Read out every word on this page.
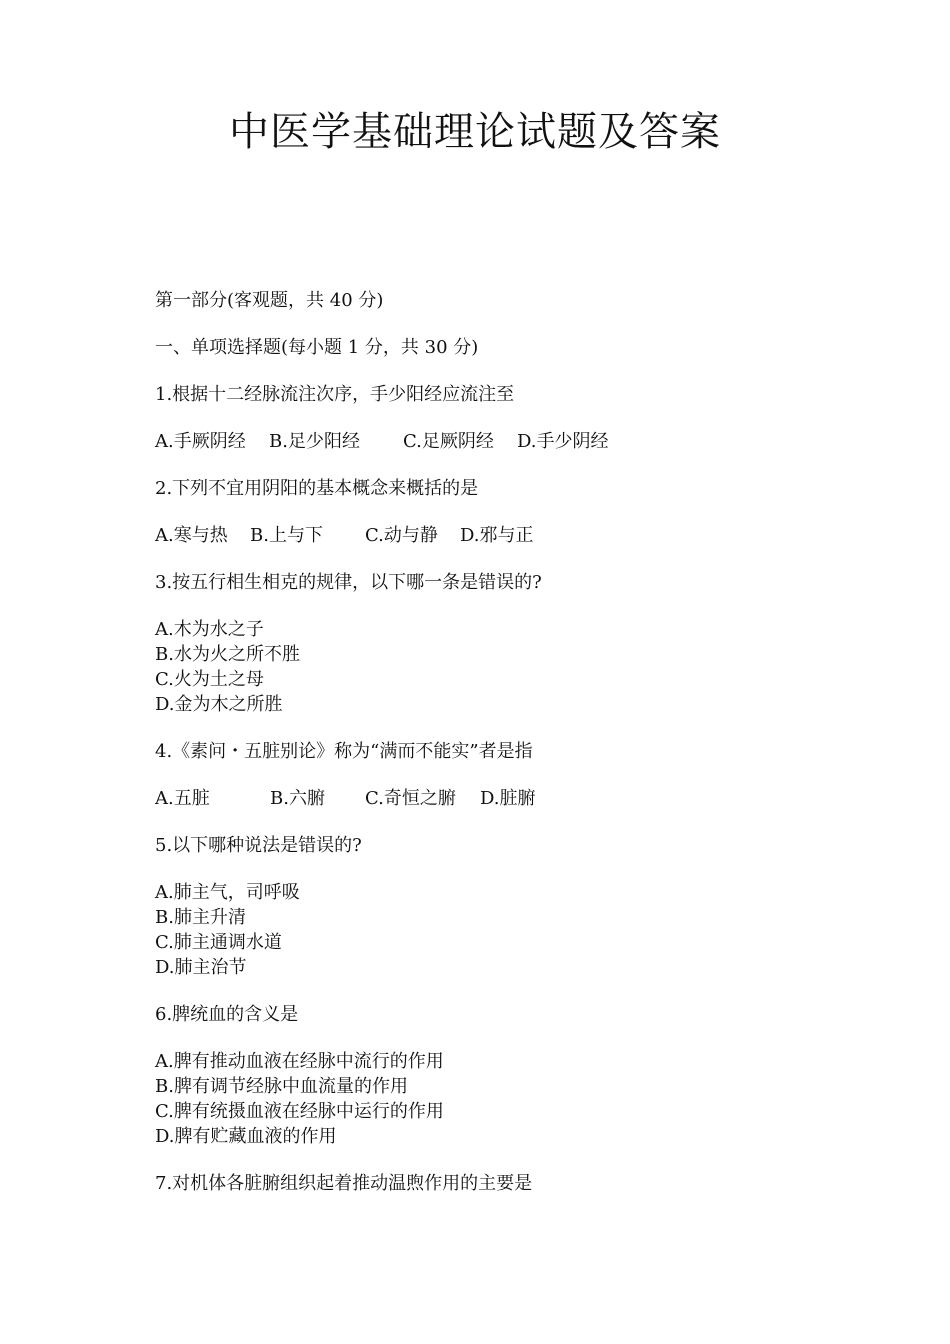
中医学基础理论试题及答案

第一部分(客观题，共 40 分)

一、单项选择题(每小题 1 分，共 30 分)

1.根据十二经脉流注次序，手少阳经应流注至

A.手厥阴经	B.足少阳经	C.足厥阴经	D.手少阴经

2.下列不宜用阴阳的基本概念来概括的是

A.寒与热	B.上与下	C.动与静	D.邪与正

3.按五行相生相克的规律，以下哪一条是错误的?

A.木为水之子
B.水为火之所不胜
C.火为土之母
D.金为木之所胜

4.《素问・五脏别论》称为“满而不能实”者是指

A.五脏	B.六腑	C.奇恒之腑	D.脏腑

5.以下哪种说法是错误的?

A.肺主气，司呼吸
B.肺主升清
C.肺主通调水道
D.肺主治节

6.脾统血的含义是

A.脾有推动血液在经脉中流行的作用
B.脾有调节经脉中血流量的作用
C.脾有统摄血液在经脉中运行的作用
D.脾有贮藏血液的作用

7.对机体各脏腑组织起着推动温煦作用的主要是
